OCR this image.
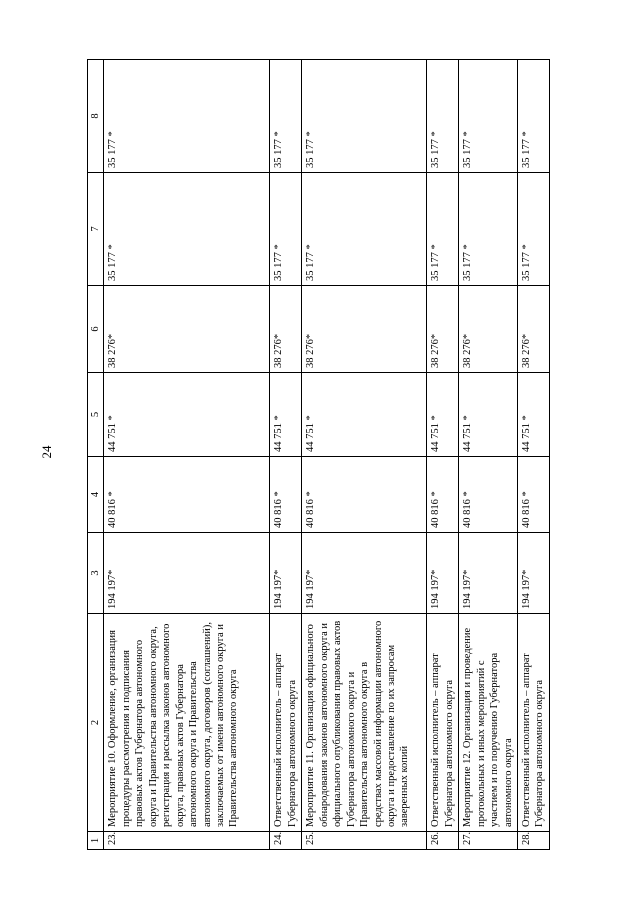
24
1	2	3	4	5	6	7	8
23.	Мероприятие 10. Оформление, организация процедуры рассмотрения и подписания правовых актов Губернатора автономного округа и Правительства автономного округа, регистрация и рассылка законов автономного округа, правовых актов Губернатора автономного округа и Правительства автономного округа, договоров (соглашений), заключаемых от имени автономного округа и Правительства автономного округа	194 197*	40 816 *	44 751 *	38 276*	35 177 *	35 177 *
24.	Ответственный исполнитель – аппарат Губернатора автономного округа	194 197*	40 816 *	44 751 *	38 276*	35 177 *	35 177 *
25.	Мероприятие 11. Организация официального обнародования законов автономного округа и официального опубликования правовых актов Губернатора автономного округа и Правительства автономного округа в средствах массовой информации автономного округа и предоставление по их запросам заверенных копий	194 197*	40 816 *	44 751 *	38 276*	35 177 *	35 177 *
26.	Ответственный исполнитель – аппарат Губернатора автономного округа	194 197*	40 816 *	44 751 *	38 276*	35 177 *	35 177 *
27.	Мероприятие 12. Организация и проведение протокольных и иных мероприятий с участием и по поручению Губернатора автономного округа	194 197*	40 816 *	44 751 *	38 276*	35 177 *	35 177 *
28.	Ответственный исполнитель – аппарат Губернатора автономного округа	194 197*	40 816 *	44 751 *	38 276*	35 177 *	35 177 *
